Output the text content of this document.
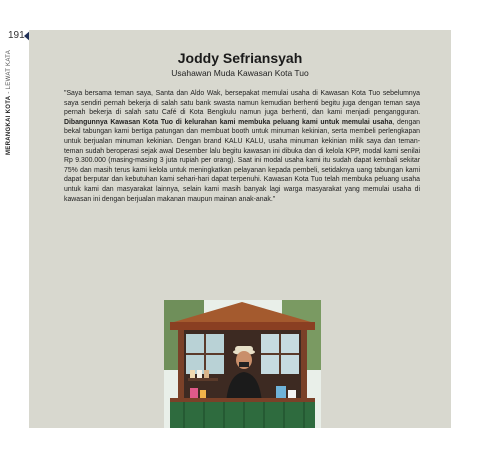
191
MERANGKAI KOTA - LEWAT KATA	Joddy Sefriansyah
Usahawan Muda Kawasan Kota Tuo

"Saya bersama teman saya, Santa dan Aldo Wak, bersepakat memulai usaha di Kawasan Kota Tuo sebelumnya saya sendiri pernah bekerja di salah satu bank swasta namun kemudian berhenti begitu juga dengan teman saya pernah bekerja di salah satu Café di Kota Bengkulu namun juga berhenti, dan kami menjadi pengangguran. Dibangunnya Kawasan Kota Tuo di kelurahan kami membuka peluang kami untuk memulai usaha, dengan bekal tabungan kami bertiga patungan dan membuat booth untuk minuman kekinian, serta membeli perlengkapan untuk berjualan minuman kekinian. Dengan brand KALU KALU, usaha minuman kekinian milik saya dan teman-teman sudah beroperasi sejak awal Desember lalu begitu kawasan ini dibuka dan di kelola KPP, modal kami senilai Rp 9.300.000 (masing-masing 3 juta rupiah per orang). Saat ini modal usaha kami itu sudah dapat kembali sekitar 75% dan masih terus kami kelola untuk meningkatkan pelayanan kepada pembeli, setidaknya uang tabungan kami dapat berputar dan kebutuhan kami sehari-hari dapat terpenuhi. Kawasan Kota Tuo telah membuka peluang usaha untuk kami dan masyarakat lainnya, selain kami masih banyak lagi warga masyarakat yang memulai usaha di kawasan ini dengan berjualan makanan maupun mainan anak-anak."
